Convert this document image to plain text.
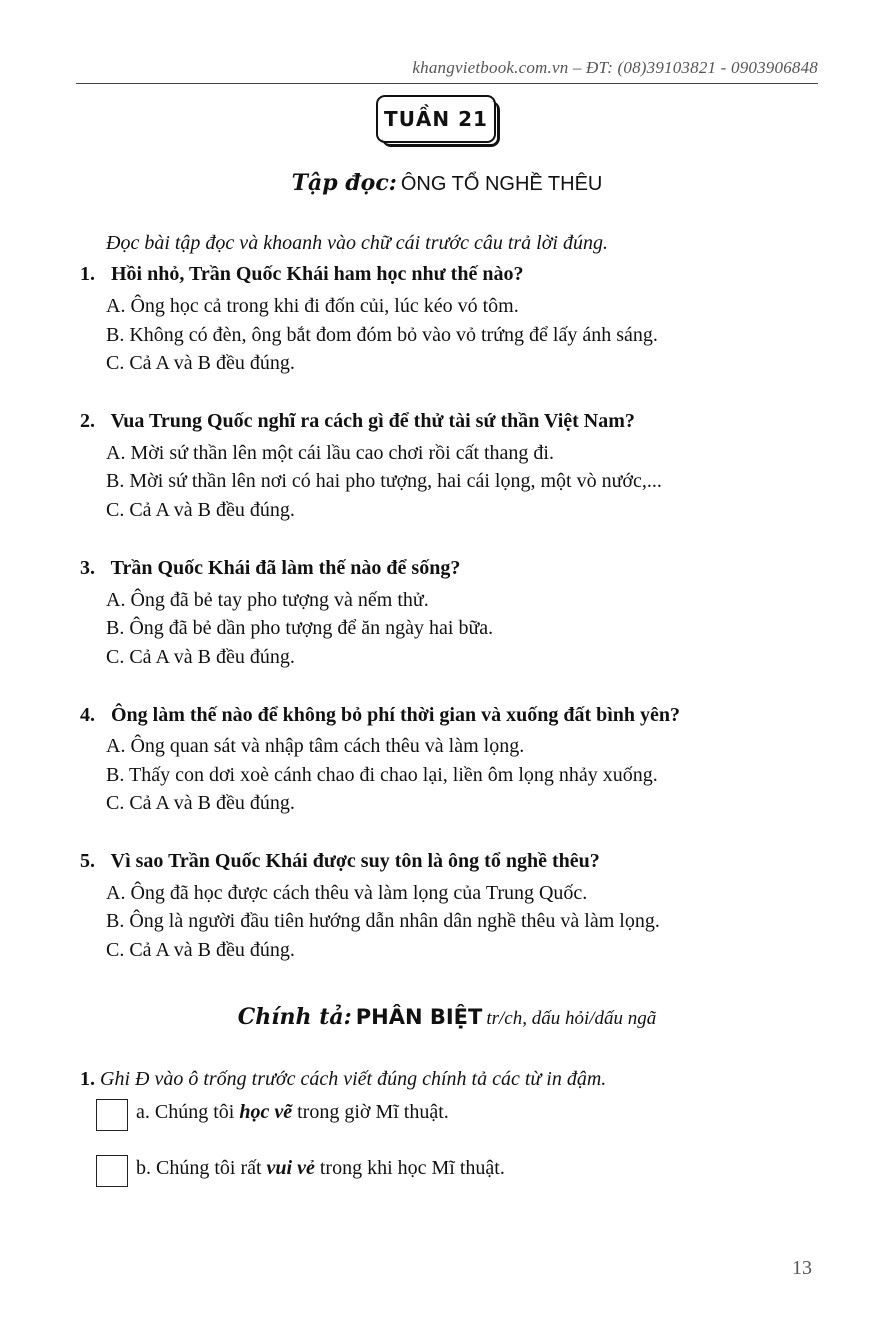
khangvietbook.com.vn – ĐT: (08)39103821 - 0903906848
TUẦN 21
Tập đọc: ÔNG TỔ NGHỀ THÊU
Đọc bài tập đọc và khoanh vào chữ cái trước câu trả lời đúng.
1. Hồi nhỏ, Trần Quốc Khái ham học như thế nào?
A. Ông học cả trong khi đi đốn củi, lúc kéo vó tôm.
B. Không có đèn, ông bắt đom đóm bỏ vào vỏ trứng để lấy ánh sáng.
C. Cả A và B đều đúng.
2. Vua Trung Quốc nghĩ ra cách gì để thử tài sứ thần Việt Nam?
A. Mời sứ thần lên một cái lầu cao chơi rồi cất thang đi.
B. Mời sứ thần lên nơi có hai pho tượng, hai cái lọng, một vò nước,...
C. Cả A và B đều đúng.
3. Trần Quốc Khái đã làm thế nào để sống?
A. Ông đã bẻ tay pho tượng và nếm thử.
B. Ông đã bẻ dần pho tượng để ăn ngày hai bữa.
C. Cả A và B đều đúng.
4. Ông làm thế nào để không bỏ phí thời gian và xuống đất bình yên?
A. Ông quan sát và nhập tâm cách thêu và làm lọng.
B. Thấy con dơi xoè cánh chao đi chao lại, liền ôm lọng nhảy xuống.
C. Cả A và B đều đúng.
5. Vì sao Trần Quốc Khái được suy tôn là ông tổ nghề thêu?
A. Ông đã học được cách thêu và làm lọng của Trung Quốc.
B. Ông là người đầu tiên hướng dẫn nhân dân nghề thêu và làm lọng.
C. Cả A và B đều đúng.
Chính tả: PHÂN BIỆT tr/ch, dấu hỏi/dấu ngã
1. Ghi Đ vào ô trống trước cách viết đúng chính tả các từ in đậm.
a. Chúng tôi học vẽ trong giờ Mĩ thuật.
b. Chúng tôi rất vui vẻ trong khi học Mĩ thuật.
13
